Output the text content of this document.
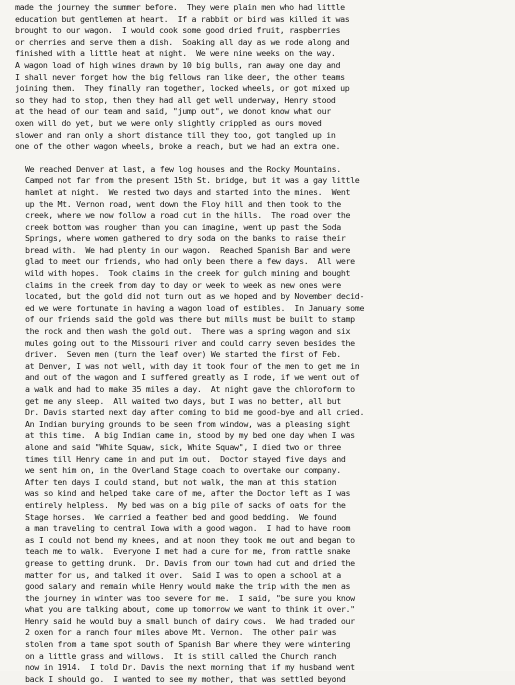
made the journey the summer before.  They were plain men who had little
education but gentlemen at heart.  If a rabbit or bird was killed it was
brought to our wagon.  I would cook some good dried fruit, raspberries
or cherries and serve them a dish.  Soaking all day as we rode along and
finished with a little heat at night.  We were nine weeks on the way.
A wagon load of high wines drawn by 10 big bulls, ran away one day and
I shall never forget how the big fellows ran like deer, the other teams
joining them.  They finally ran together, locked wheels, or got mixed up
so they had to stop, then they had all get well underway, Henry stood
at the head of our team and said, "jump out", we donot know what our
oxen will do yet, but we were only slightly crippled as ours moved
slower and ran only a short distance till they too, got tangled up in
one of the other wagon wheels, broke a reach, but we had an extra one.
We reached Denver at last, a few log houses and the Rocky Mountains.
Camped not far from the present 15th St. bridge, but it was a gay little
hamlet at night.  We rested two days and started into the mines.  Went
up the Mt. Vernon road, went down the Floy hill and then took to the
creek, where we now follow a road cut in the hills.  The road over the
creek bottom was rougher than you can imagine, went up past the Soda
Springs, where women gathered to dry soda on the banks to raise their
bread with.  We had plenty in our wagon.  Reached Spanish Bar and were
glad to meet our friends, who had only been there a few days.  All were
wild with hopes.  Took claims in the creek for gulch mining and bought
claims in the creek from day to day or week to week as new ones were
located, but the gold did not turn out as we hoped and by November decid-
ed we were fortunate in having a wagon load of estibles.  In January some
of our friends said the gold was there but mills must be built to stamp
the rock and then wash the gold out.  There was a spring wagon and six
mules going out to the Missouri river and could carry seven besides the
driver.  Seven men (turn the leaf over) We started the first of Feb.
at Denver, I was not well, with day it took four of the men to get me in
and out of the wagon and I suffered greatly as I rode, if we went out of
a walk and had to make 35 miles a day.  At night gave the chloroform to
get me any sleep.  All waited two days, but I was no better, all but
Dr. Davis started next day after coming to bid me good-bye and all cried.
An Indian burying grounds to be seen from window, was a pleasing sight
at this time.  A big Indian came in, stood by my bed one day when I was
alone and said "White Squaw, sick, White Squaw", I died two or three
times till Henry came in and put im out.  Doctor stayed five days and
we sent him on, in the Overland Stage coach to overtake our company.
After ten days I could stand, but not walk, the man at this station
was so kind and helped take care of me, after the Doctor left as I was
entirely helpless.  My bed was on a big pile of sacks of oats for the
Stage horses.  We carried a feather bed and good bedding.  We found
a man traveling to central Iowa with a good wagon.  I had to have room
as I could not bend my knees, and at noon they took me out and began to
teach me to walk.  Everyone I met had a cure for me, from rattle snake
grease to getting drunk.  Dr. Davis from our town had cut and dried the
matter for us, and talked it over.  Said I was to open a school at a
good salary and remain while Henry would make the trip with the men as
the journey in winter was too severe for me.  I said, "be sure you know
what you are talking about, come up tomorrow we want to think it over."
Henry said he would buy a small bunch of dairy cows.  We had traded our
2 oxen for a ranch four miles above Mt. Vernon.  The other pair was
stolen from a tame spot south of Spanish Bar where they were wintering
on a little grass and willows.  It is still called the Church ranch
now in 1914.  I told Dr. Davis the next morning that if my husband went
back I should go.  I wanted to see my mother, that was settled beyond
